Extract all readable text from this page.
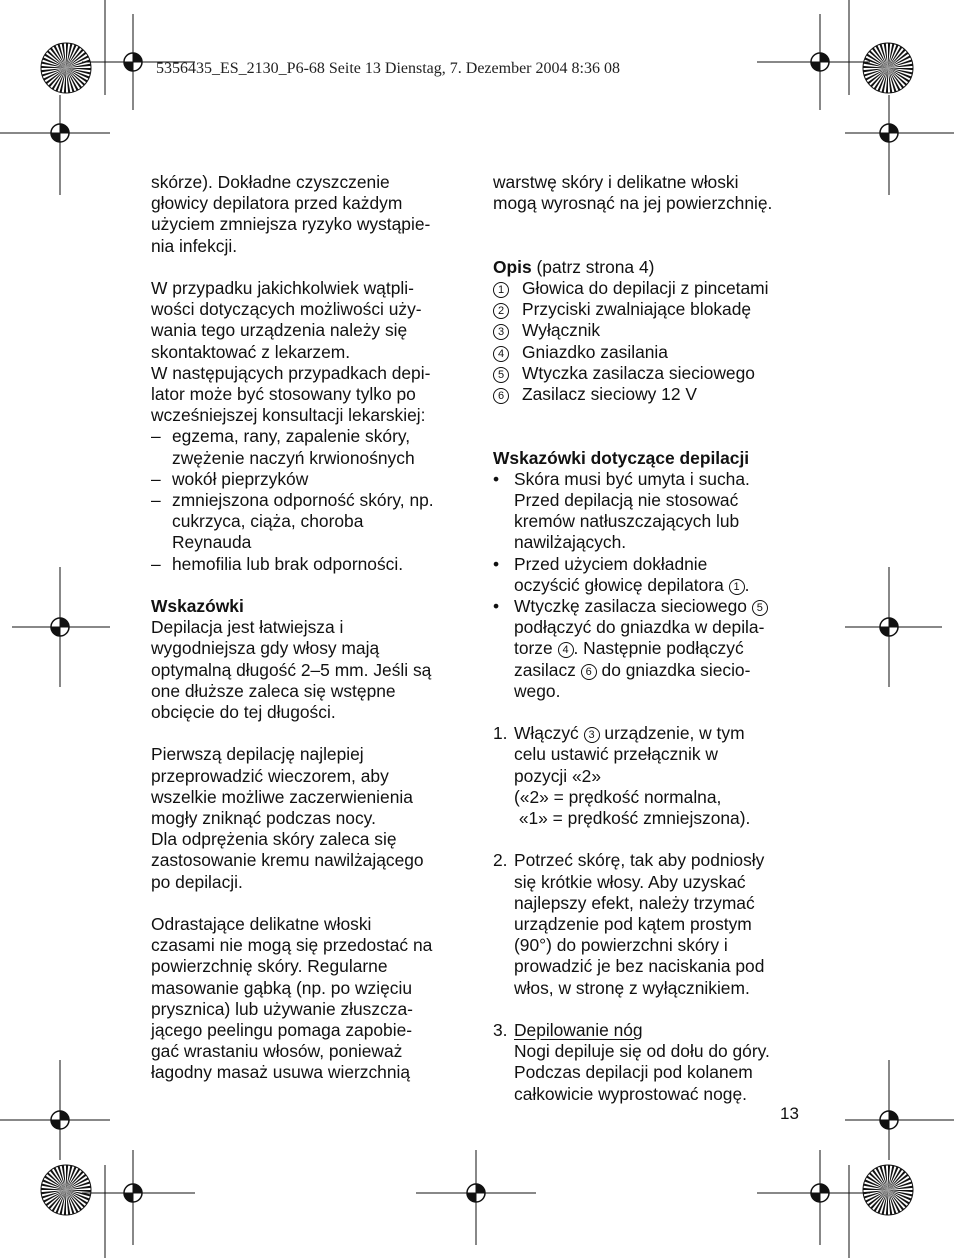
5356435_ES_2130_P6-68 Seite 13 Dienstag, 7. Dezember 2004 8:36 08
skórze). Dokładne czyszczenie
głowicy depilatora przed każdym
użyciem zmniejsza ryzyko wystąpie-
nia infekcji.
W przypadku jakichkolwiek wątpli-
wości dotyczących możliwości uży-
wania tego urządzenia należy się
skontaktować z lekarzem.
W następujących przypadkach depi-
lator może być stosowany tylko po
wcześniejszej konsultacji lekarskiej:
– egzema, rany, zapalenie skóry,
zwężenie naczyń krwionośnych
– wokół pieprzyków
– zmniejszona odporność skóry, np.
cukrzyca, ciąża, choroba
Reynauda
– hemofilia lub brak odporności.
Wskazówki
Depilacja jest łatwiejsza i
wygodniejsza gdy włosy mają
optymalną długość 2–5 mm. Jeśli są
one dłuższe zaleca się wstępne
obcięcie do tej długości.
Pierwszą depilację najlepiej
przeprowadzić wieczorem, aby
wszelkie możliwe zaczerwienienia
mogły zniknąć podczas nocy.
Dla odprężenia skóry zaleca się
zastosowanie kremu nawilżającego
po depilacji.
Odrastające delikatne włoski
czasami nie mogą się przedostać na
powierzchnię skóry. Regularne
masowanie gąbką (np. po wzięciu
prysznica) lub używanie złuszcza-
jącego peelingu pomaga zapobie-
gać wrastaniu włosów, ponieważ
łagodny masaż usuwa wierzchnią
warstwę skóry i delikatne włoski
mogą wyrosnąć na jej powierzchnię.
Opis (patrz strona 4)
1	Głowica do depilacji z pincetami
2	Przyciski zwalniające blokadę
3	Wyłącznik
4	Gniazdko zasilania
5	Wtyczka zasilacza sieciowego
6	Zasilacz sieciowy 12 V
Wskazówki dotyczące depilacji
• Skóra musi być umyta i sucha.
Przed depilacją nie stosować
kremów natłuszczających lub
nawilżających.
• Przed użyciem dokładnie
oczyścić głowicę depilatora 1 .
• Wtyczkę zasilacza sieciowego 5
podłączyć do gniazdka w depila-
torze 4 . Następnie podłączyć
zasilacz 6 do gniazdka siecio-
wego.
1. Włączyć 3 urządzenie, w tym
celu ustawić przełącznik w
pozycji «2»
(«2» = prędkość normalna,
«1» = prędkość zmniejszona).
2. Potrzeć skórę, tak aby podniosły
się krótkie włosy. Aby uzyskać
najlepszy efekt, należy trzymać
urządzenie pod kątem prostym
(90°) do powierzchni skóry i
prowadzić je bez naciskania pod
włos, w stronę z wyłącznikiem.
3. Depilowanie nóg
Nogi depiluje się od dołu do góry.
Podczas depilacji pod kolanem
całkowicie wyprostować nogę.
13
